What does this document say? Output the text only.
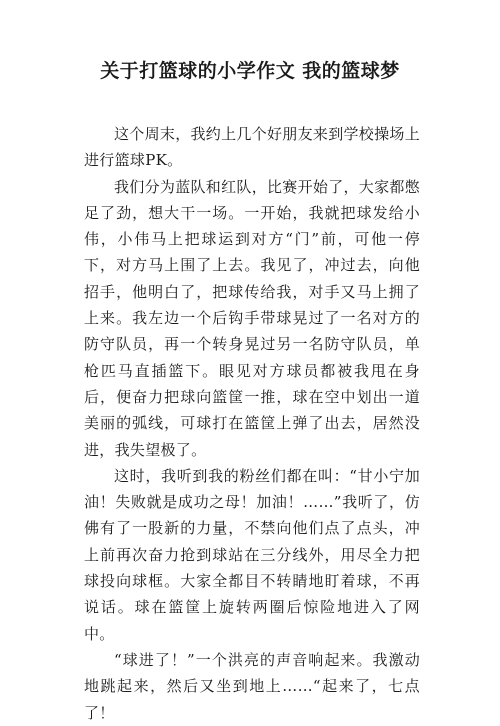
关于打篮球的小学作文 我的篮球梦

这个周末，我约上几个好朋友来到学校操场上进行篮球PK。

我们分为蓝队和红队，比赛开始了，大家都憋足了劲，想大干一场。一开始，我就把球发给小伟，小伟马上把球运到对方“门”前，可他一停下，对方马上围了上去。我见了，冲过去，向他招手，他明白了，把球传给我，对手又马上拥了上来。我左边一个后钩手带球晃过了一名对方的防守队员，再一个转身晃过另一名防守队员，单枪匹马直插篮下。眼见对方球员都被我甩在身后，便奋力把球向篮筐一推，球在空中划出一道美丽的弧线，可球打在篮筐上弹了出去，居然没进，我失望极了。

这时，我听到我的粉丝们都在叫：“甘小宁加油！失败就是成功之母！加油！……”我听了，仿佛有了一股新的力量，不禁向他们点了点头，冲上前再次奋力抢到球站在三分线外，用尽全力把球投向球框。大家全都目不转睛地盯着球，不再说话。球在篮筐上旋转两圈后惊险地进入了网中。

“球进了！”一个洪亮的声音响起来。我激动地跳起来，然后又坐到地上……“起来了，七点了！
